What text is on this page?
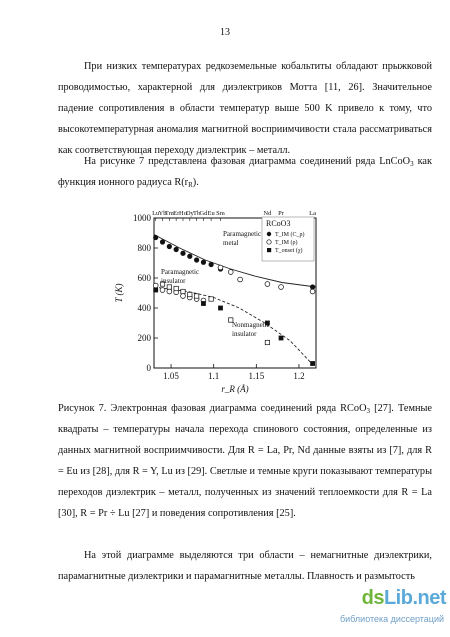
13

При низких температурах редкоземельные кобальтиты обладают прыжковой проводимостью, характерной для диэлектриков Мотта [11, 26]. Значительное падение сопротивления в области температур выше 500 K привело к тому, что высокотемпературная аномалия магнитной восприимчивости стала рассматриваться как соответствующая переходу диэлектрик – металл.

На рисунке 7 представлена фазовая диаграмма соединений ряда LnCoO$_3$ как функция ионного радиуса $R(r_R)$.

1.05	1.1	1.15	1.2
0
200
400
600
800
1000 Lu Yb
Tm Er Ho
Dy Tb Gd Eu Sm	Nd Pr	La
r_R (Å)
T (K)
Paramagnetic
metal
Paramagnetic
insulator
Nonmagnetic
insulator
RCoO3
T_IM (C_p)
T_IM (ρ)
T_onset (χ)

Рисунок 7. Электронная фазовая диаграмма соединений ряда RCoO$_3$ [27]. Темные квадраты – температуры начала перехода спинового состояния, определенные из данных магнитной восприимчивости. Для R = La, Pr, Nd данные взяты из [7], для R = Eu из [28], для R = Y, Lu из [29]. Светлые и темные круги показывают температуры переходов диэлектрик – металл, полученных из значений теплоемкости для R = La [30], R = Pr ÷ Lu [27] и поведения сопротивления [25].

На этой диаграмме выделяются три области – немагнитные диэлектрики, парамагнитные диэлектрики и парамагнитные металлы. Плавность и размытость

dsLib.net
библиотека диссертаций
